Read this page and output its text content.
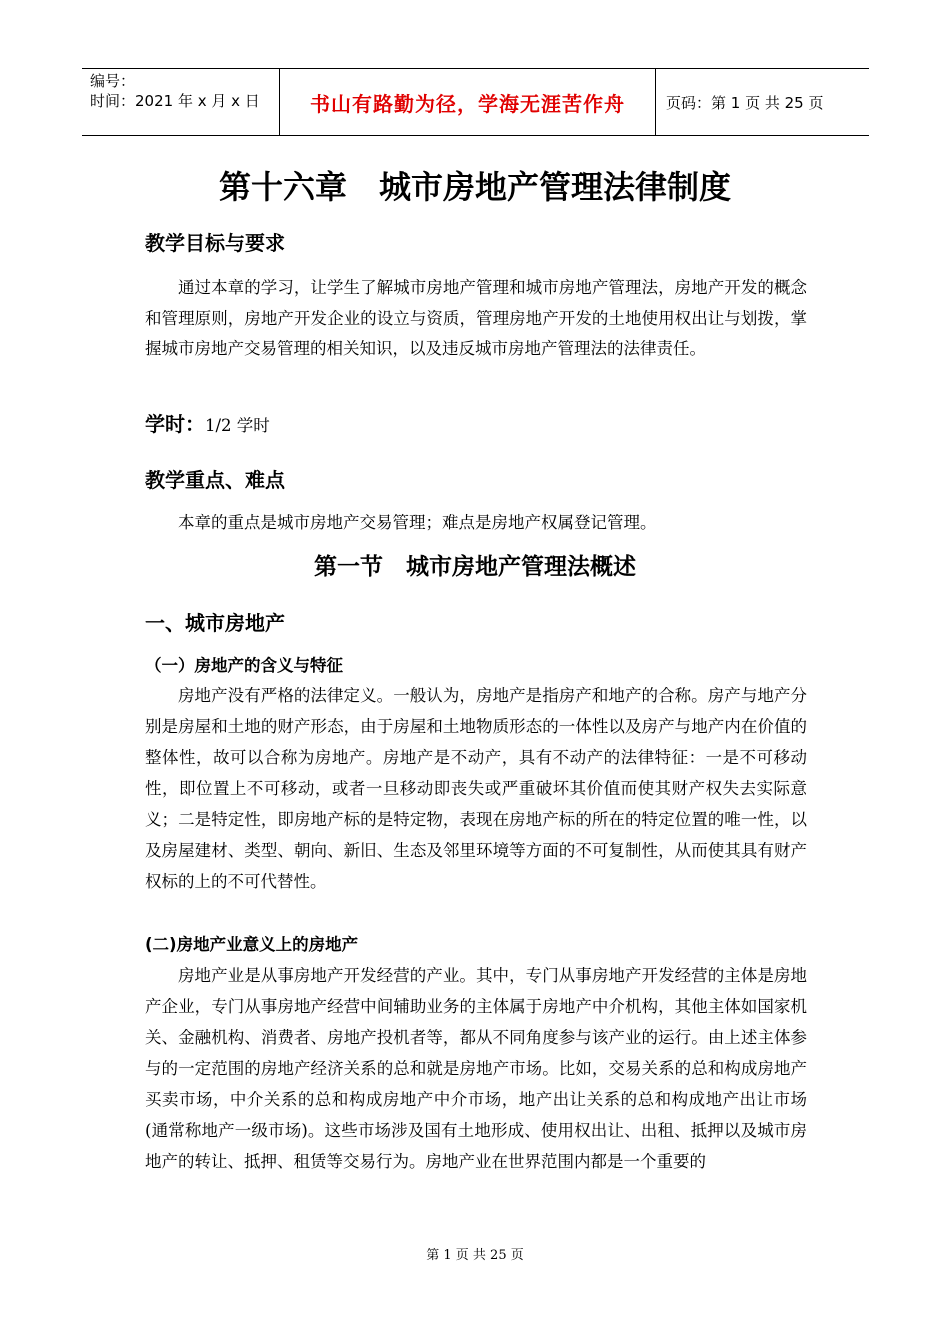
编号：
时间：2021 年 x 月 x 日	书山有路勤为径，学海无涯苦作舟	页码：第 1 页 共 25 页
第十六章　城市房地产管理法律制度
教学目标与要求

通过本章的学习，让学生了解城市房地产管理和城市房地产管理法，房地产开发的概念和管理原则，房地产开发企业的设立与资质，管理房地产开发的土地使用权出让与划拨，掌握城市房地产交易管理的相关知识，以及违反城市房地产管理法的法律责任。

学时：1/2 学时

教学重点、难点

本章的重点是城市房地产交易管理；难点是房地产权属登记管理。

第一节　城市房地产管理法概述
一、城市房地产
（一）房地产的含义与特征

房地产没有严格的法律定义。一般认为，房地产是指房产和地产的合称。房产与地产分别是房屋和土地的财产形态，由于房屋和土地物质形态的一体性以及房产与地产内在价值的整体性，故可以合称为房地产。房地产是不动产，具有不动产的法律特征：一是不可移动性，即位置上不可移动，或者一旦移动即丧失或严重破坏其价值而使其财产权失去实际意义；二是特定性，即房地产标的是特定物，表现在房地产标的所在的特定位置的唯一性，以及房屋建材、类型、朝向、新旧、生态及邻里环境等方面的不可复制性，从而使其具有财产权标的上的不可代替性。

(二)房地产业意义上的房地产

房地产业是从事房地产开发经营的产业。其中，专门从事房地产开发经营的主体是房地产企业，专门从事房地产经营中间辅助业务的主体属于房地产中介机构，其他主体如国家机关、金融机构、消费者、房地产投机者等，都从不同角度参与该产业的运行。由上述主体参与的一定范围的房地产经济关系的总和就是房地产市场。比如，交易关系的总和构成房地产买卖市场，中介关系的总和构成房地产中介市场，地产出让关系的总和构成地产出让市场(通常称地产一级市场)。这些市场涉及国有土地形成、使用权出让、出租、抵押以及城市房地产的转让、抵押、租赁等交易行为。房地产业在世界范围内都是一个重要的

第 1 页 共 25 页
